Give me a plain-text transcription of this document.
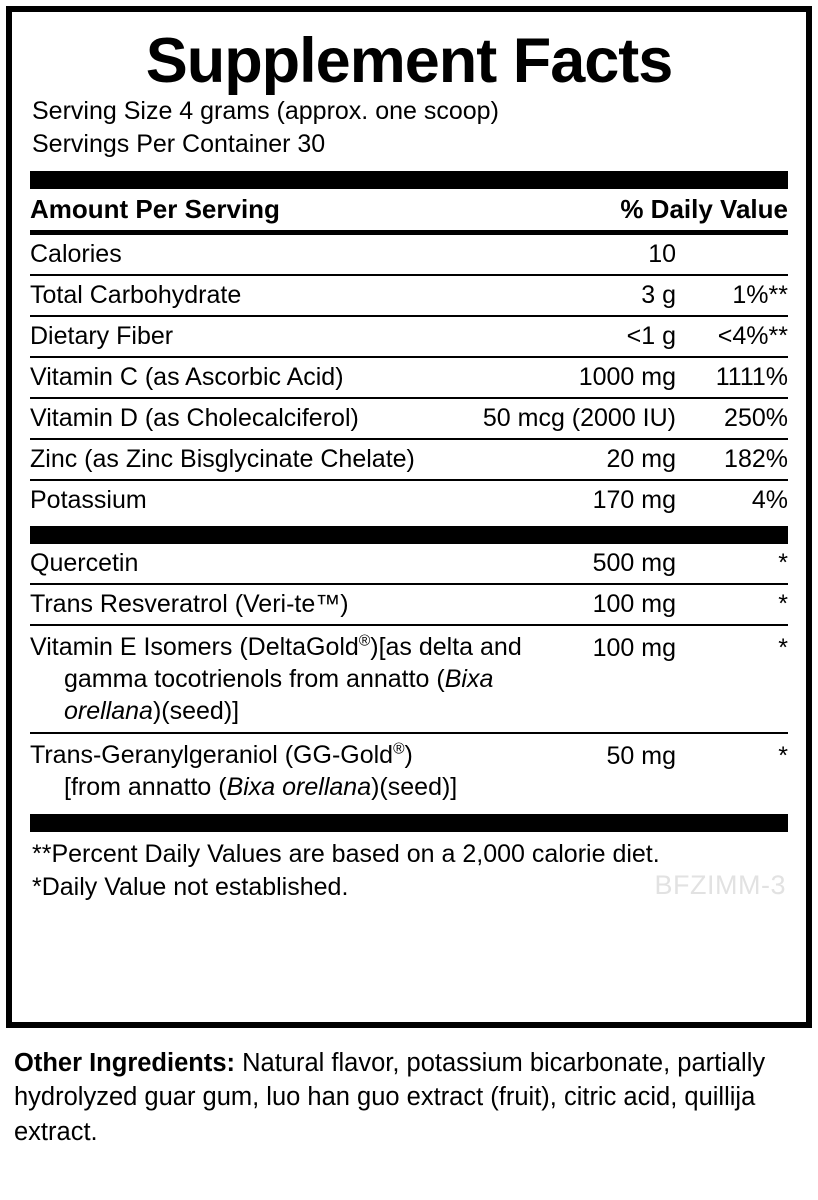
Supplement Facts
Serving Size 4 grams (approx. one scoop)
Servings Per Container 30
Amount Per Serving		% Daily Value
Calories	10	
Total Carbohydrate	3 g	1%**
Dietary Fiber	<1 g	<4%**
Vitamin C (as Ascorbic Acid)	1000 mg	1111%
Vitamin D (as Cholecalciferol)	50 mcg (2000 IU)	250%
Zinc (as Zinc Bisglycinate Chelate)	20 mg	182%
Potassium	170 mg	4%
Quercetin	500 mg	*
Trans Resveratrol (Veri-te™)	100 mg	*
Vitamin E Isomers (DeltaGold®)[as delta and
gamma tocotrienols from annatto (Bixa orellana)(seed)]	100 mg	*
Trans-Geranylgeraniol (GG-Gold®)
[from annatto (Bixa orellana)(seed)]	50 mg	*
**Percent Daily Values are based on a 2,000 calorie diet.
*Daily Value not established.	BFZIMM-3
Other Ingredients: Natural flavor, potassium bicarbonate, partially hydrolyzed guar gum, luo han guo extract (fruit), citric acid, quillija extract.
